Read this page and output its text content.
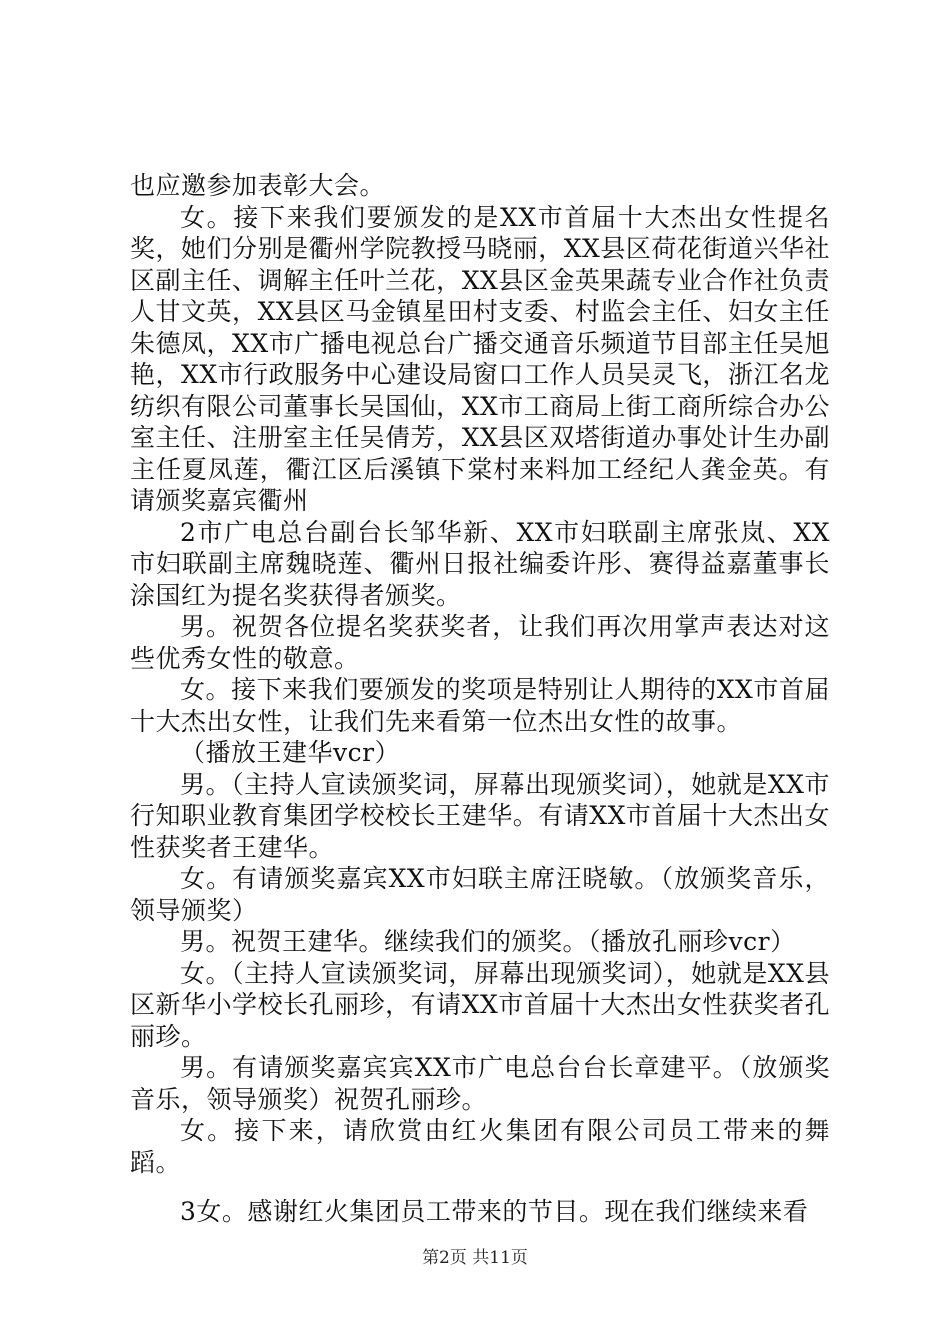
也应邀参加表彰大会。

女。接下来我们要颁发的是XX市首届十大杰出女性提名奖，她们分别是衢州学院教授马晓丽，XX县区荷花街道兴华社区副主任、调解主任叶兰花，XX县区金英果蔬专业合作社负责人甘文英，XX县区马金镇星田村支委、村监会主任、妇女主任朱德凤，XX市广播电视总台广播交通音乐频道节目部主任吴旭艳，XX市行政服务中心建设局窗口工作人员吴灵飞，浙江名龙纺织有限公司董事长吴国仙，XX市工商局上街工商所综合办公室主任、注册室主任吴倩芳，XX县区双塔街道办事处计生办副主任夏凤莲，衢江区后溪镇下棠村来料加工经纪人龚金英。有请颁奖嘉宾衢州

2市广电总台副台长邹华新、XX市妇联副主席张岚、XX市妇联副主席魏晓莲、衢州日报社编委许彤、赛得益嘉董事长涂国红为提名奖获得者颁奖。

男。祝贺各位提名奖获奖者，让我们再次用掌声表达对这些优秀女性的敬意。

女。接下来我们要颁发的奖项是特别让人期待的XX市首届十大杰出女性，让我们先来看第一位杰出女性的故事。

（播放王建华vcr）

男。（主持人宣读颁奖词，屏幕出现颁奖词），她就是XX市行知职业教育集团学校校长王建华。有请XX市首届十大杰出女性获奖者王建华。

女。有请颁奖嘉宾XX市妇联主席汪晓敏。（放颁奖音乐，领导颁奖）

男。祝贺王建华。继续我们的颁奖。（播放孔丽珍vcr）

女。（主持人宣读颁奖词，屏幕出现颁奖词），她就是XX县区新华小学校长孔丽珍，有请XX市首届十大杰出女性获奖者孔丽珍。

男。有请颁奖嘉宾宾XX市广电总台台长章建平。（放颁奖音乐，领导颁奖）祝贺孔丽珍。

女。接下来，请欣赏由红火集团有限公司员工带来的舞蹈。

3女。感谢红火集团员工带来的节目。现在我们继续来看

第2页 共11页
